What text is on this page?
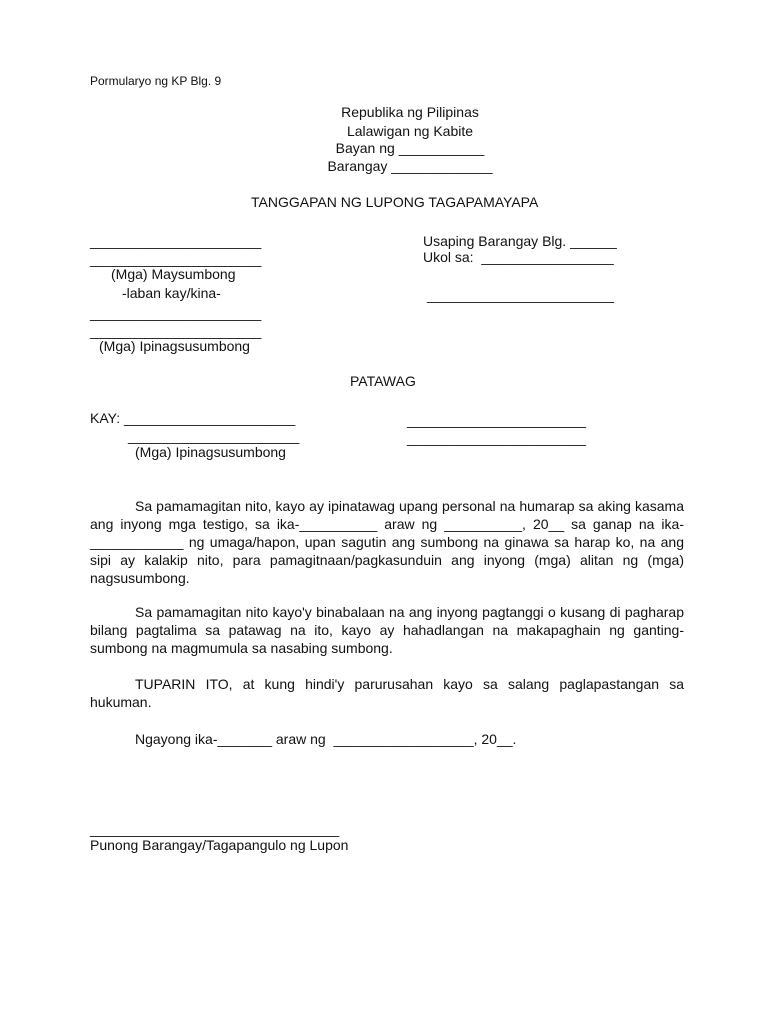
Pormularyo ng KP Blg. 9
Republika ng Pilipinas
Lalawigan ng Kabite
Bayan ng ___________
Barangay _____________
TANGGAPAN NG LUPONG TAGAPAMAYAPA
______________________
______________________
(Mga) Maysumbong
-laban kay/kina-
______________________
______________________
(Mga) Ipinagsusumbong
Usaping Barangay Blg. ______
Ukol sa:  _________________
________________________
PATAWAG
KAY: ______________________
______________________
_______________________
_______________________
(Mga) Ipinagsusumbong
Sa pamamagitan nito, kayo ay ipinatawag upang personal na humarap sa aking kasama ang inyong mga testigo, sa ika-__________ araw ng __________, 20__ sa ganap na ika-____________ ng umaga/hapon, upan sagutin ang sumbong na ginawa sa harap ko, na ang sipi ay kalakip nito, para pamagitnaan/pagkasunduin ang inyong (mga) alitan ng (mga) nagsusumbong.
Sa pamamagitan nito kayo'y binabalaan na ang inyong pagtanggi o kusang di pagharap bilang pagtalima sa patawag na ito, kayo ay hahadlangan na makapaghain ng ganting-sumbong na magmumula sa nasabing sumbong.
TUPARIN ITO, at kung hindi'y parurusahan kayo sa salang paglapastangan sa hukuman.
Ngayong ika-_______ araw ng  __________________, 20__.
________________________________
Punong Barangay/Tagapangulo ng Lupon
